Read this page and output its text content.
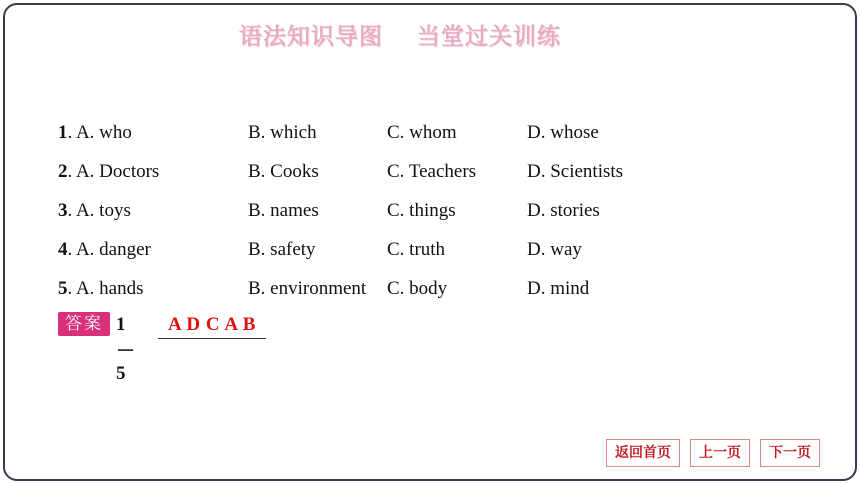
语法知识导图 当堂过关训练
1. A. who	B. which	C. whom	D. whose
2. A. Doctors	B. Cooks	C. Teachers	D. Scientists
3. A. toys	B. names	C. things	D. stories
4. A. danger	B. safety	C. truth	D. way
5. A. hands	B. environment C. body	D. mind
答案 1－5
A D C A B
返回首页	上一页	下一页
